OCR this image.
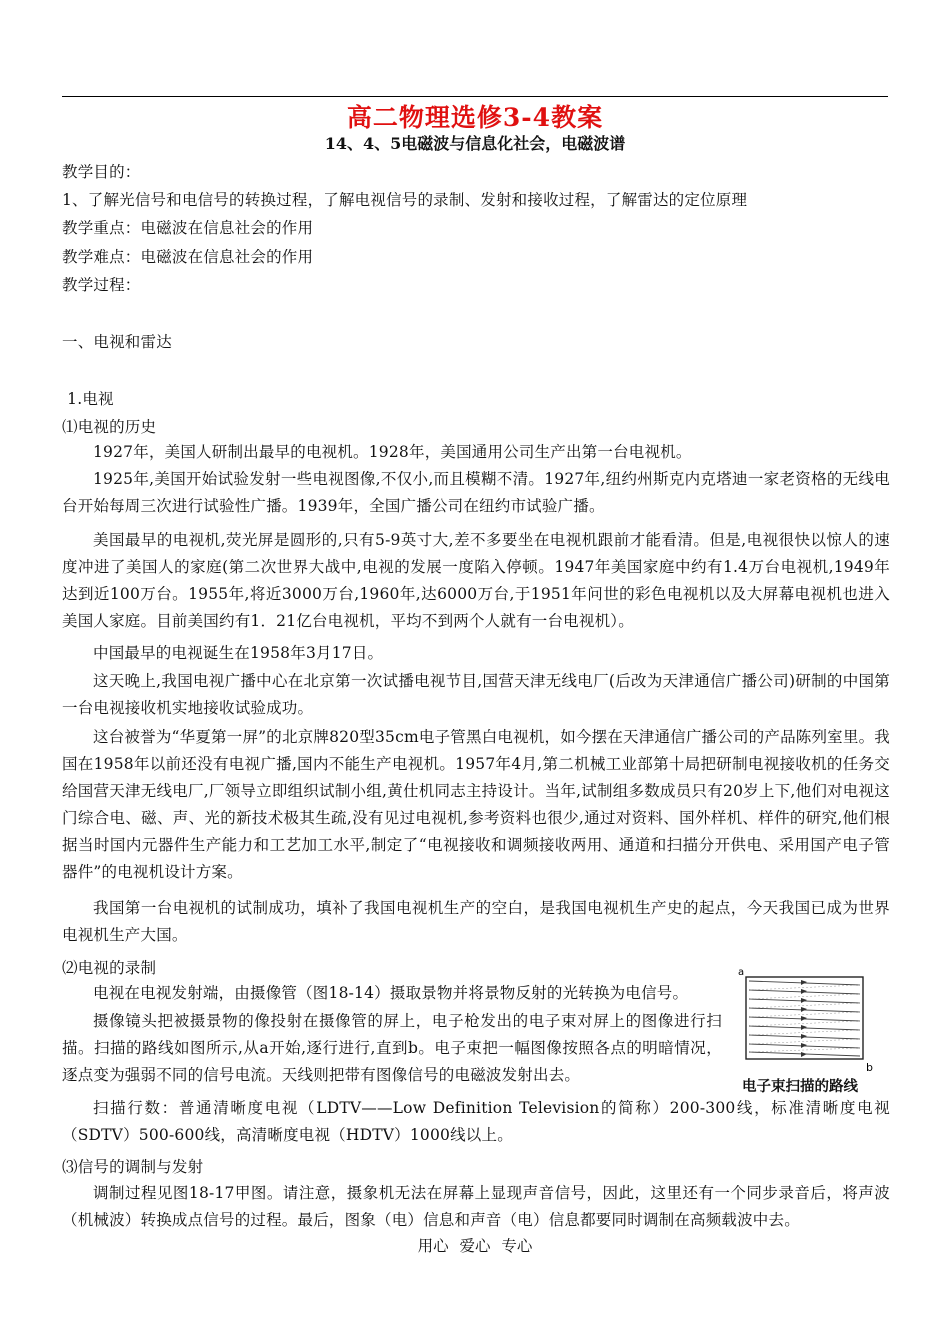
高二物理选修3-4教案
14、4、5电磁波与信息化社会，电磁波谱
教学目的：
1、了解光信号和电信号的转换过程，了解电视信号的录制、发射和接收过程，了解雷达的定位原理
教学重点：电磁波在信息社会的作用
教学难点：电磁波在信息社会的作用
教学过程：
一、电视和雷达
1.电视
⑴电视的历史
1927年，美国人研制出最早的电视机。1928年，美国通用公司生产出第一台电视机。
1925年,美国开始试验发射一些电视图像,不仅小,而且模糊不清。1927年,纽约州斯克内克塔迪一家老资格的无线电台开始每周三次进行试验性广播。1939年，全国广播公司在纽约市试验广播。
美国最早的电视机,荧光屏是圆形的,只有5-9英寸大,差不多要坐在电视机跟前才能看清。但是,电视很快以惊人的速度冲进了美国人的家庭(第二次世界大战中,电视的发展一度陷入停顿。1947年美国家庭中约有1.4万台电视机,1949年达到近100万台。1955年,将近3000万台,1960年,达6000万台,于1951年问世的彩色电视机以及大屏幕电视机也进入美国人家庭。目前美国约有1．21亿台电视机，平均不到两个人就有一台电视机）。
中国最早的电视诞生在1958年3月17日。
这天晚上,我国电视广播中心在北京第一次试播电视节目,国营天津无线电厂(后改为天津通信广播公司)研制的中国第一台电视接收机实地接收试验成功。
这台被誉为“华夏第一屏”的北京牌820型35cm电子管黑白电视机，如今摆在天津通信广播公司的产品陈列室里。我国在1958年以前还没有电视广播,国内不能生产电视机。1957年4月,第二机械工业部第十局把研制电视接收机的任务交给国营天津无线电厂,厂领导立即组织试制小组,黄仕机同志主持设计。当年,试制组多数成员只有20岁上下,他们对电视这门综合电、磁、声、光的新技术极其生疏,没有见过电视机,参考资料也很少,通过对资料、国外样机、样件的研究,他们根据当时国内元器件生产能力和工艺加工水平,制定了“电视接收和调频接收两用、通道和扫描分开供电、采用国产电子管器件”的电视机设计方案。
我国第一台电视机的试制成功，填补了我国电视机生产的空白，是我国电视机生产史的起点，今天我国已成为世界电视机生产大国。
⑵电视的录制
电视在电视发射端，由摄像管（图18-14）摄取景物并将景物反射的光转换为电信号。
摄像镜头把被摄景物的像投射在摄像管的屏上，电子枪发出的电子束对屏上的图像进行扫描。扫描的路线如图所示,从a开始,逐行进行,直到b。电子束把一幅图像按照各点的明暗情况，逐点变为强弱不同的信号电流。天线则把带有图像信号的电磁波发射出去。
扫描行数：普通清晰度电视（LDTV——Low Definition Television的简称）200-300线，标准清晰度电视（SDTV）500-600线，高清晰度电视（HDTV）1000线以上。
⑶信号的调制与发射
调制过程见图18-17甲图。请注意，摄象机无法在屏幕上显现声音信号，因此，这里还有一个同步录音后，将声波（机械波）转换成点信号的过程。最后，图象（电）信息和声音（电）信息都要同时调制在高频载波中去。
a
b
电子束扫描的路线
用心 爱心 专心
